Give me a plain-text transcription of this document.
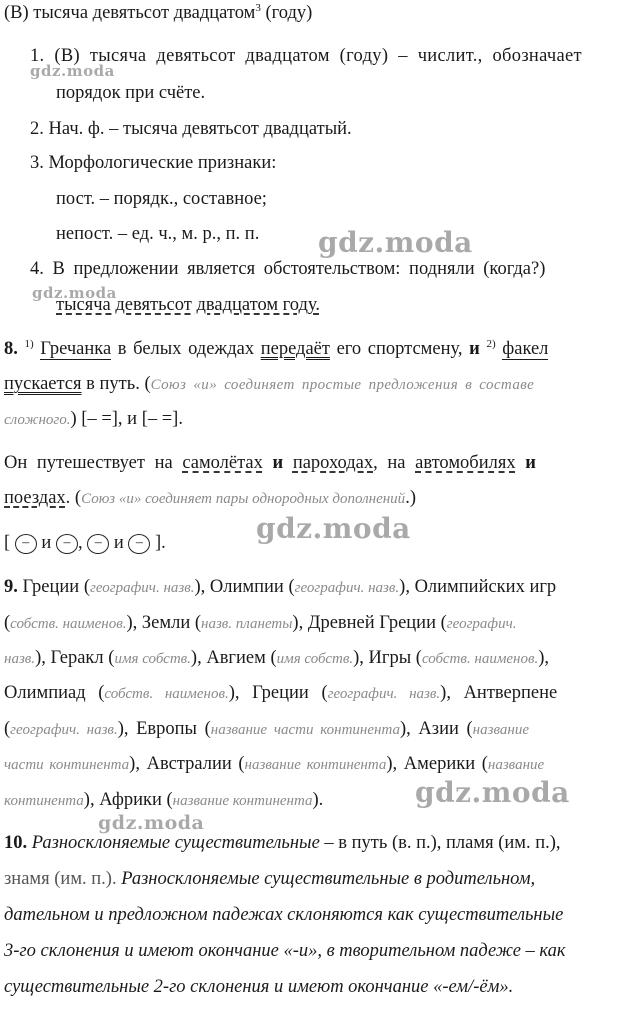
(В) тысяча девятьсот двадцатом$^3$ (году)
1. (В) тысяча девятьсот двадцатом (году) – числит., обозначает
порядок при счёте.
2. Нач. ф. – тысяча девятьсот двадцатый.
3. Морфологические признаки:
пост. – порядк., составное;
непост. – ед. ч., м. р., п. п.
4. В предложении является обстоятельством: подняли (когда?)
тысяча девятьсот двадцатом году.
8. $^{1)}$ Гречанка в белых одеждах передаёт его спортсмену, и $^{2)}$ факел
пускается в путь. (Союз «и» соединяет простые предложения в составе
сложного.) [– =], и [– =].
Он путешествует на самолётах и пароходах, на автомобилях и
поездах. (Союз «и» соединяет пары однородных дополнений.)
[ – и – , – и – ].
9. Греции (географич. назв.), Олимпии (географич. назв.), Олимпийских игр
(собств. наименов.), Земли (назв. планеты), Древней Греции (географич.
назв.), Геракл (имя собств.), Авгием (имя собств.), Игры (собств. наименов.),
Олимпиад (собств. наименов.), Греции (географич. назв.), Антверпене
(географич. назв.), Европы (название части континента), Азии (название
части континента), Австралии (название континента), Америки (название
континента), Африки (название континента).
10. Разносклоняемые существительные – в путь (в. п.), пламя (им. п.),
знамя (им. п.). Разносклоняемые существительные в родительном,
дательном и предложном падежах склоняются как существительные
3-го склонения и имеют окончание «-и», в творительном падеже – как
существительные 2-го склонения и имеют окончание «-ем/-ём».
gdz.moda
gdz.moda
gdz.moda
gdz.moda
gdz.moda
gdz.moda
